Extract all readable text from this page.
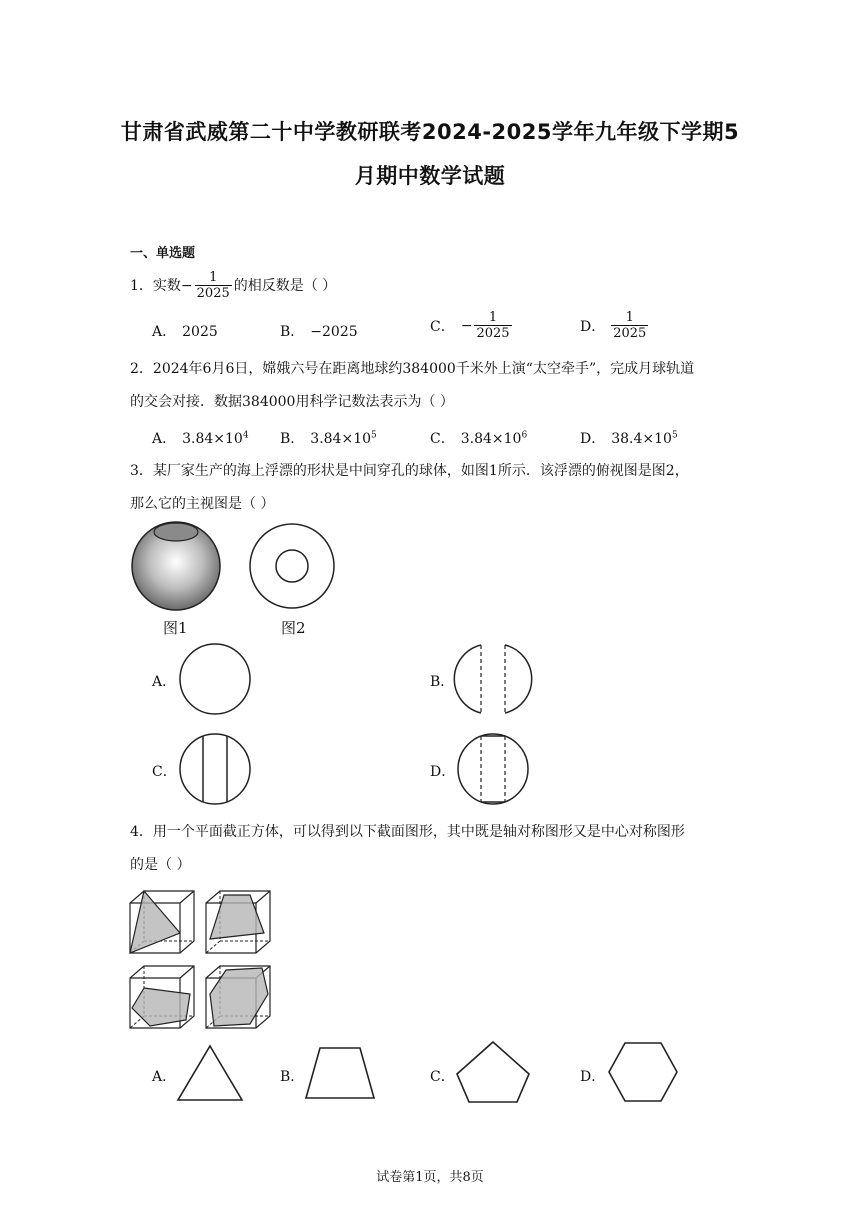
甘肃省武威第二十中学教研联考2024-2025学年九年级下学期5
月期中数学试题
一、单选题
1．实数 − $\frac{1}{2025}$ 的相反数是（ ）
A． 2025	B． −2025	C． − $\frac{1}{2025}$	D． $\frac{1}{2025}$
2．2024年6月6日，嫦娥六号在距离地球约384000千米外上演“太空牵手”，完成月球轨道
的交会对接．数据384000用科学记数法表示为（ ）
A． $3.84\times 10^4$ B． $3.84\times 10^5$	C． $3.84\times 10^6$	D． $38.4\times 10^5$
3．某厂家生产的海上浮漂的形状是中间穿孔的球体，如图1所示．该浮漂的俯视图是图2，
那么它的主视图是（ ）
图1	图2
A．	B．
C．	D．
4．用一个平面截正方体，可以得到以下截面图形，其中既是轴对称图形又是中心对称图形
的是（ ）
A．	B．	C．	D．
试卷第1页，共8页
